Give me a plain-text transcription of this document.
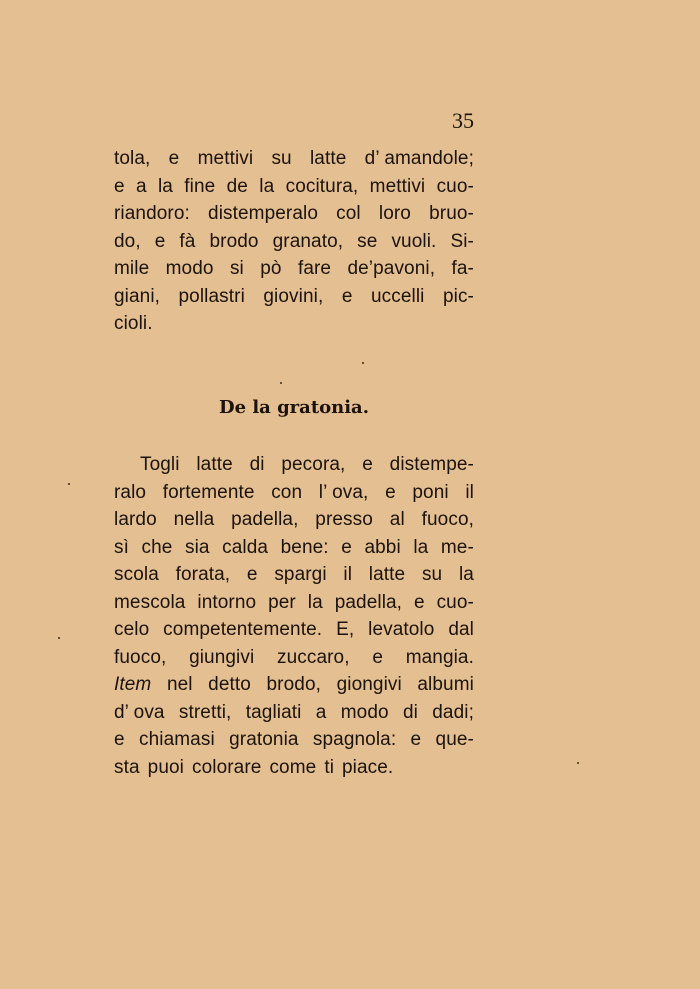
35
tola, e mettivi su latte d’ amandole;
e a la fine de la cocitura, mettivi cuo-
riandoro: distemperalo col loro bruo-
do, e fà brodo granato, se vuoli. Si-
mile modo si pò fare de’pavoni, fa-
giani, pollastri giovini, e uccelli pic-
cioli.
De la gratonia.
Togli latte di pecora, e distempe-
ralo fortemente con l’ ova, e poni il
lardo nella padella, presso al fuoco,
sì che sia calda bene: e abbi la me-
scola forata, e spargi il latte su la
mescola intorno per la padella, e cuo-
celo competentemente. E, levatolo dal
fuoco, giungivi zuccaro, e mangia.
Item nel detto brodo, giongivi albumi
d’ ova stretti, tagliati a modo di dadi;
e chiamasi gratonia spagnola: e que-
sta puoi colorare come ti piace.
